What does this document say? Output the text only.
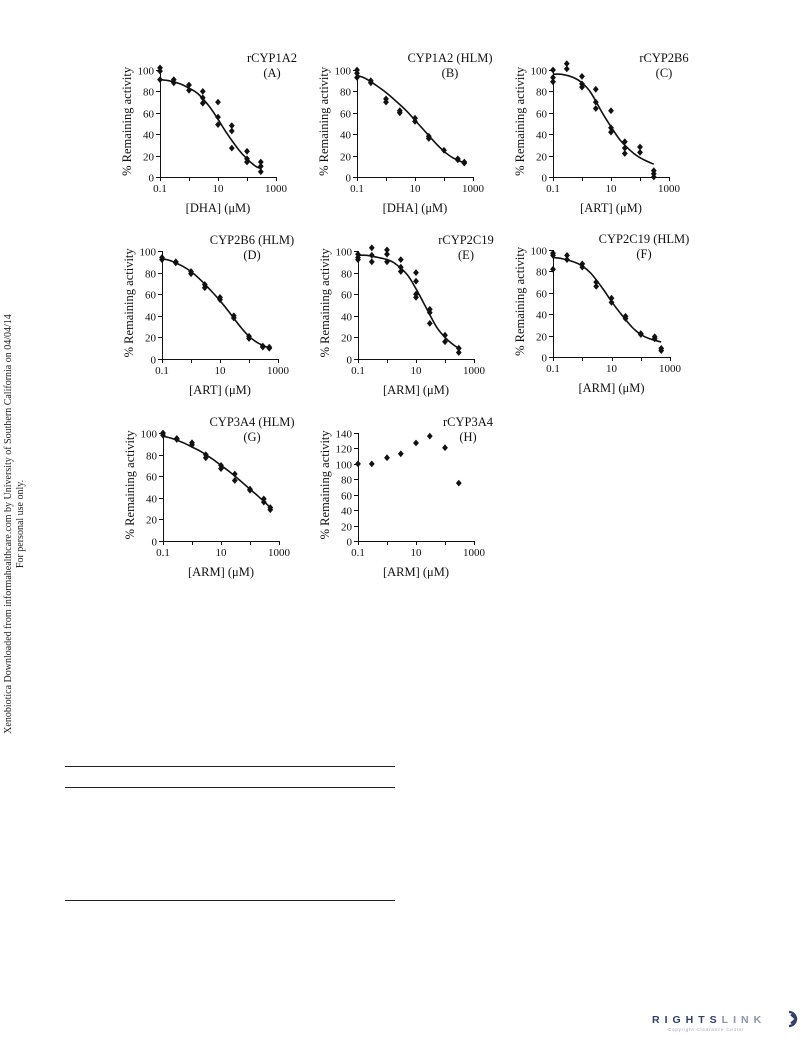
Xenobiotica Downloaded from informahealthcare.com by University of Southern California on 04/04/14 For personal use only.
0
20
40
60
80
100
0.1	10	1000
[DHA] (μM)
% Remaining activity
rCYP1A2
(A)
0
20
40
60
80
100
0.1	10	1000
[DHA] (μM)
% Remaining activity
CYP1A2 (HLM)
(B)
0
20
40
60
80
100
0.1	10	1000
[ART] (μM)
% Remaining activity
rCYP2B6
(C)
0
20
40
60
80
100
0.1	10	1000
[ART] (μM)
% Remaining activity
CYP2B6 (HLM)
(D)
0
20
40
60
80
100
0.1	10	1000
[ARM] (μM)
% Remaining activity
rCYP2C19
(E)
0
20
40
60
80
100
0.1	10	1000
[ARM] (μM)
% Remaining activity
CYP2C19 (HLM)
(F)
0
20
40
60
80
100
0.1	10	1000
[ARM] (μM)
% Remaining activity
CYP3A4 (HLM)
(G)
0
20
40
60
80
100
120
140
0.1	10	1000
[ARM] (μM)
% Remaining activity
rCYP3A4
(H)
RIGHTSLINK
Copyright Clearance Center
